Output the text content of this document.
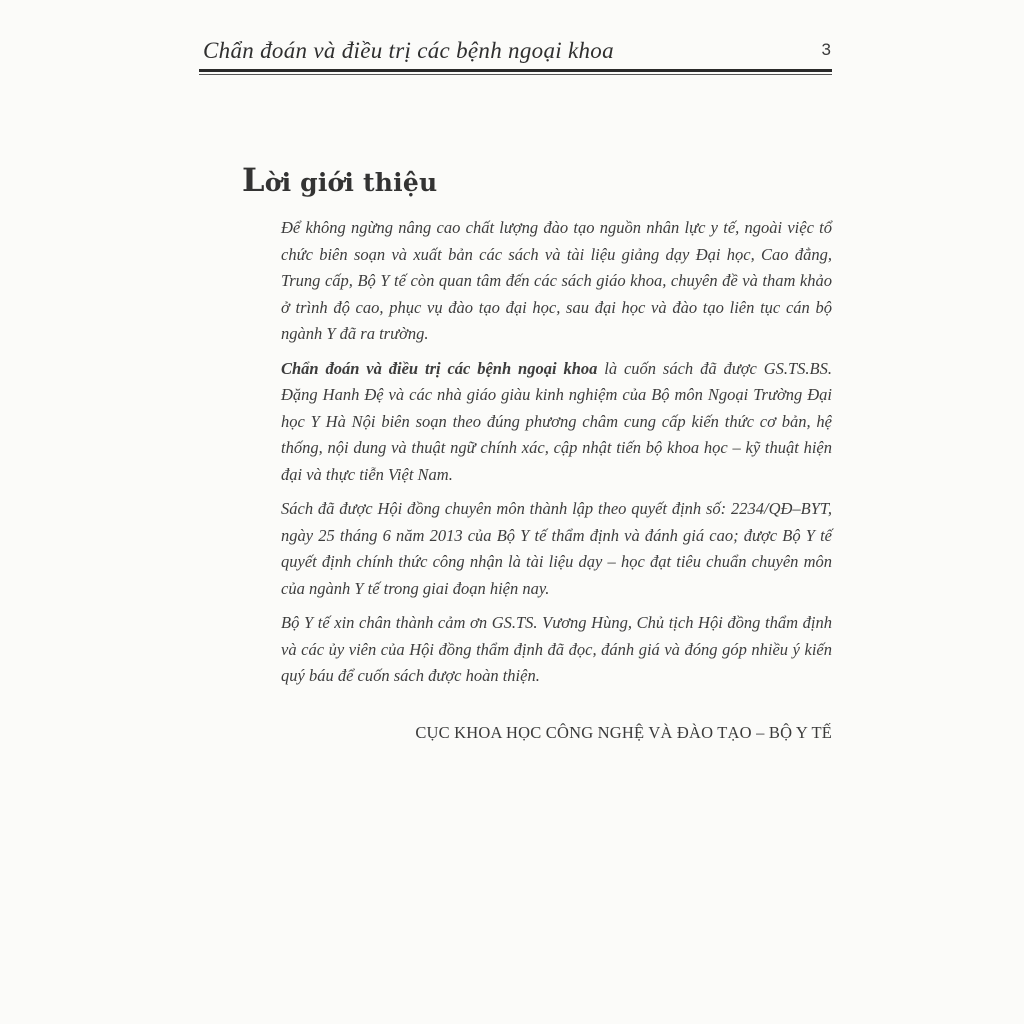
Chẩn đoán và điều trị các bệnh ngoại khoa	3
Lời giới thiệu

Để không ngừng nâng cao chất lượng đào tạo nguồn nhân lực y tế, ngoài việc tổ chức biên soạn và xuất bản các sách và tài liệu giảng dạy Đại học, Cao đẳng, Trung cấp, Bộ Y tế còn quan tâm đến các sách giáo khoa, chuyên đề và tham khảo ở trình độ cao, phục vụ đào tạo đại học, sau đại học và đào tạo liên tục cán bộ ngành Y đã ra trường.

Chẩn đoán và điều trị các bệnh ngoại khoa là cuốn sách đã được GS.TS.BS. Đặng Hanh Đệ và các nhà giáo giàu kinh nghiệm của Bộ môn Ngoại Trường Đại học Y Hà Nội biên soạn theo đúng phương châm cung cấp kiến thức cơ bản, hệ thống, nội dung và thuật ngữ chính xác, cập nhật tiến bộ khoa học – kỹ thuật hiện đại và thực tiễn Việt Nam.

Sách đã được Hội đồng chuyên môn thành lập theo quyết định số: 2234/QĐ–BYT, ngày 25 tháng 6 năm 2013 của Bộ Y tế thẩm định và đánh giá cao; được Bộ Y tế quyết định chính thức công nhận là tài liệu dạy – học đạt tiêu chuẩn chuyên môn của ngành Y tế trong giai đoạn hiện nay.

Bộ Y tế xin chân thành cảm ơn GS.TS. Vương Hùng, Chủ tịch Hội đồng thẩm định và các ủy viên của Hội đồng thẩm định đã đọc, đánh giá và đóng góp nhiều ý kiến quý báu để cuốn sách được hoàn thiện.

CỤC KHOA HỌC CÔNG NGHỆ VÀ ĐÀO TẠO – BỘ Y TẾ
